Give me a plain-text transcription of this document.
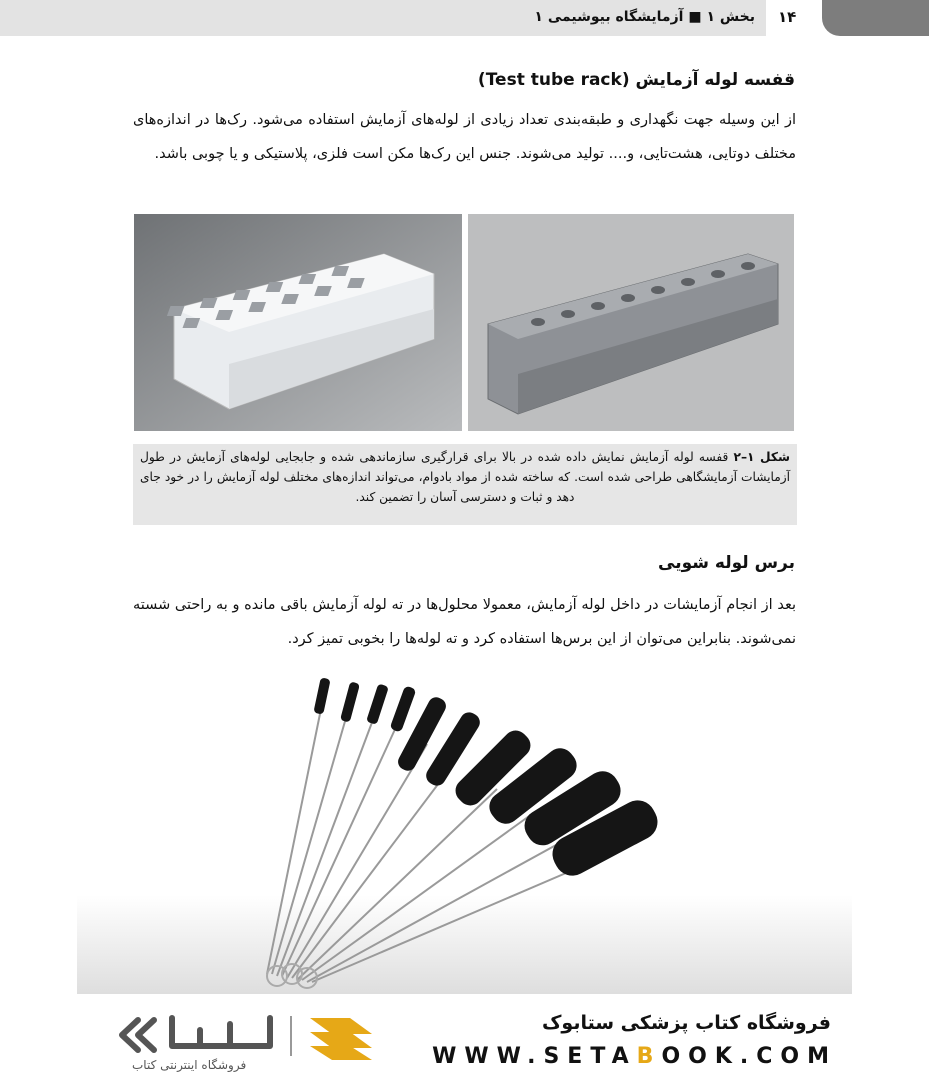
۱۴
بخش ۱ ■ آزمایشگاه بیوشیمی ۱
قفسه لوله آزمایش (Test tube rack)

از این وسیله جهت نگهداری و طبقه‌بندی تعداد زیادی از لوله‌های آزمایش استفاده می‌شود. رک‌ها در اندازه‌های مختلف دوتایی، هشت‌تایی، و.... تولید می‌شوند. جنس این رک‌ها مکن است فلزی، پلاستیکی و یا چوبی باشد.

شکل ۱–۲ قفسه لوله آزمایش نمایش داده شده در بالا برای قرارگیری سازماندهی شده و جابجایی لوله‌های آزمایش در طول آزمایشات آزمایشگاهی طراحی شده است. که ساخته شده از مواد بادوام، می‌تواند اندازه‌های مختلف لوله آزمایش را در خود جای دهد و ثبات و دسترسی آسان را تضمین کند.
برس لوله شویی

بعد از انجام آزمایشات در داخل لوله آزمایش، معمولا محلول‌ها در ته لوله آزمایش باقی مانده و به راحتی شسته نمی‌شوند. بنابراین می‌توان از این برس‌ها استفاده کرد و ته لوله‌ها را بخوبی تمیز کرد.

فروشگاه اینترنتی کتاب
فروشگاه کتاب پزشکی ستابوک
WWW.SETABOOK.COM
